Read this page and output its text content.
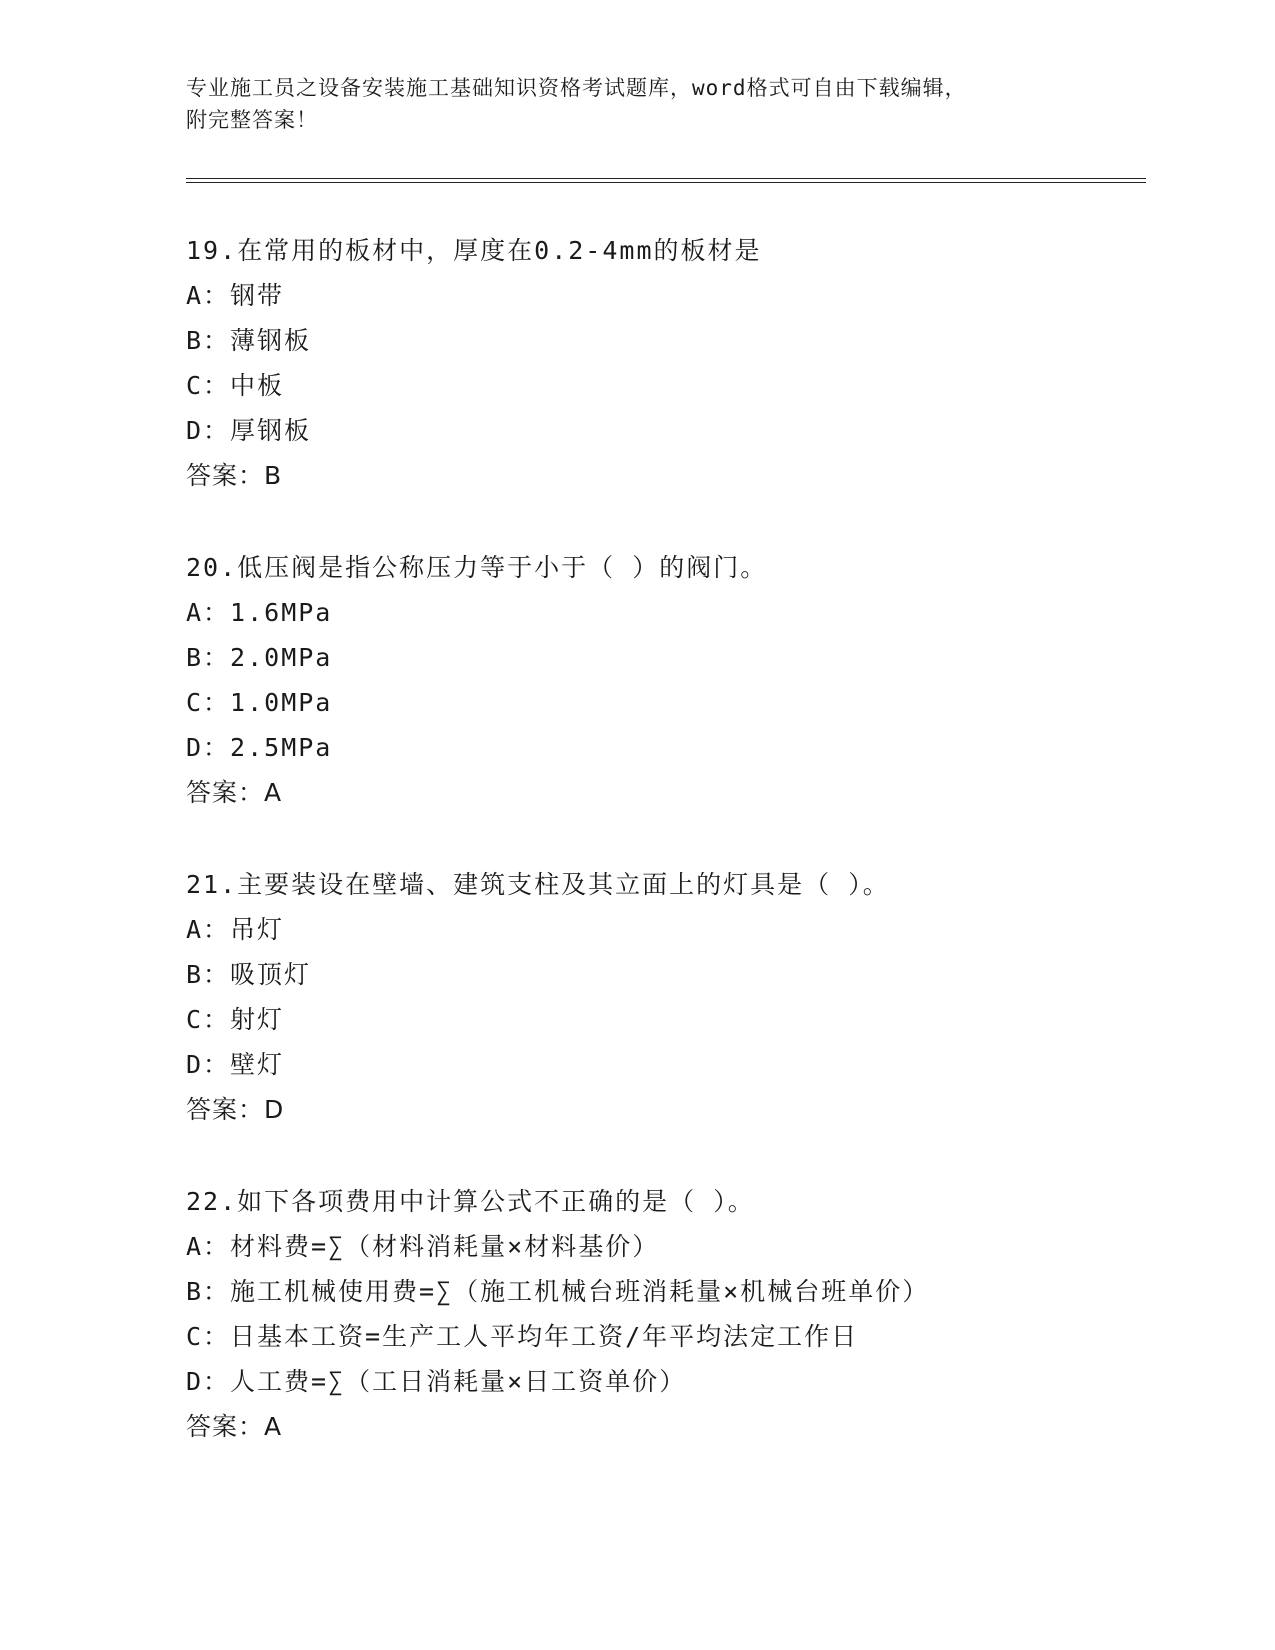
专业施工员之设备安装施工基础知识资格考试题库，word格式可自由下载编辑，
附完整答案！
19.在常用的板材中，厚度在0.2-4mm的板材是
A：钢带
B：薄钢板
C：中板
D：厚钢板
答案：B
20.低压阀是指公称压力等于小于（ ）的阀门。
A：1.6MPa
B：2.0MPa
C：1.0MPa
D：2.5MPa
答案：A
21.主要装设在壁墙、建筑支柱及其立面上的灯具是（ ）。
A：吊灯
B：吸顶灯
C：射灯
D：壁灯
答案：D
22.如下各项费用中计算公式不正确的是（ ）。
A：材料费=∑（材料消耗量×材料基价）
B：施工机械使用费=∑（施工机械台班消耗量×机械台班单价）
C：日基本工资=生产工人平均年工资/年平均法定工作日
D：人工费=∑（工日消耗量×日工资单价）
答案：A
